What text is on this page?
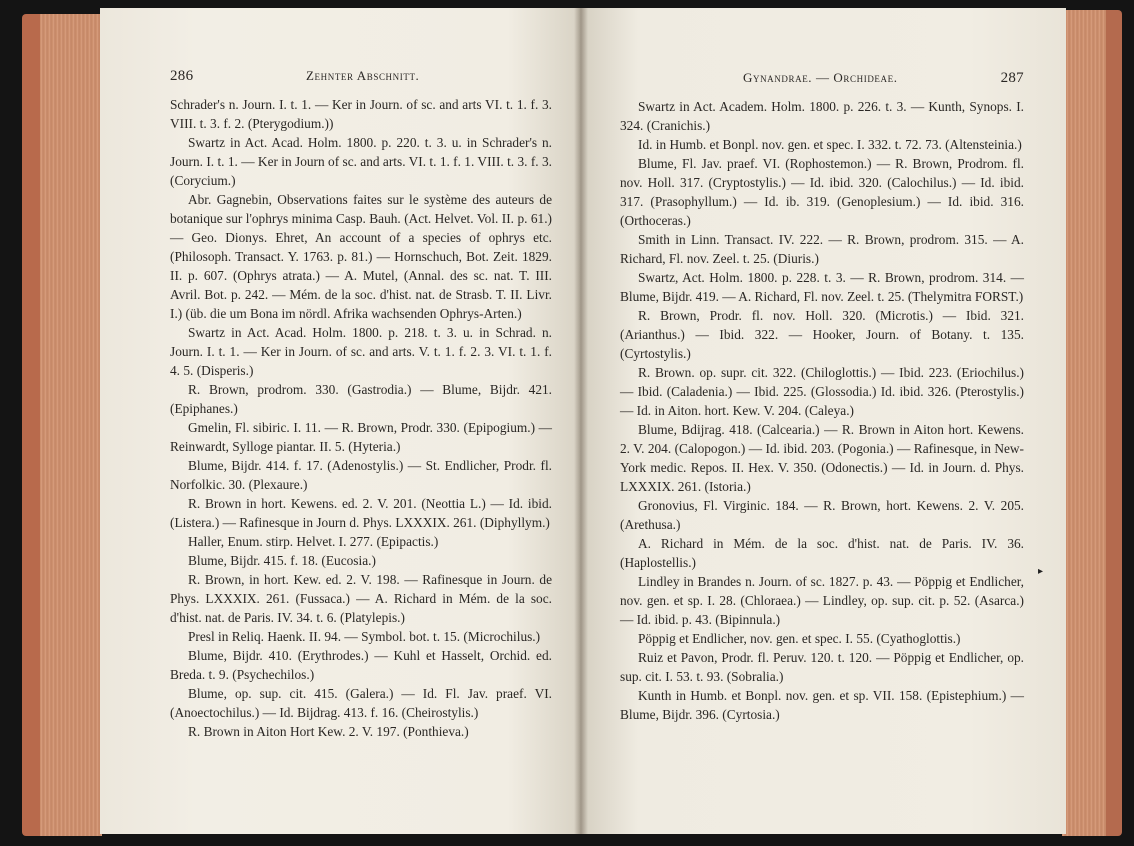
286	Zehnter Abschnitt.

Schrader's n. Journ. I. t. 1. — Ker in Journ. of sc. and arts VI. t. 1. f. 3. VIII. t. 3. f. 2. (Pterygodium.))

Swartz in Act. Acad. Holm. 1800. p. 220. t. 3. u. in Schrader's n. Journ. I. t. 1. — Ker in Journ of sc. and arts. VI. t. 1. f. 1. VIII. t. 3. f. 3. (Corycium.)

Abr. Gagnebin, Observations faites sur le système des auteurs de botanique sur l'ophrys minima Casp. Bauh. (Act. Helvet. Vol. II. p. 61.) — Geo. Dionys. Ehret, An account of a species of ophrys etc. (Philosoph. Transact. Y. 1763. p. 81.) — Hornschuch, Bot. Zeit. 1829. II. p. 607. (Ophrys atrata.) — A. Mutel, (Annal. des sc. nat. T. III. Avril. Bot. p. 242. — Mém. de la soc. d'hist. nat. de Strasb. T. II. Livr. I.) (üb. die um Bona im nördl. Afrika wachsenden Ophrys-Arten.)

Swartz in Act. Acad. Holm. 1800. p. 218. t. 3. u. in Schrad. n. Journ. I. t. 1. — Ker in Journ. of sc. and arts. V. t. 1. f. 2. 3. VI. t. 1. f. 4. 5. (Disperis.)

R. Brown, prodrom. 330. (Gastrodia.) — Blume, Bijdr. 421. (Epiphanes.)

Gmelin, Fl. sibiric. I. 11. — R. Brown, Prodr. 330. (Epipogium.) — Reinwardt, Sylloge piantar. II. 5. (Hyteria.)

Blume, Bijdr. 414. f. 17. (Adenostylis.) — St. Endlicher, Prodr. fl. Norfolkic. 30. (Plexaure.)

R. Brown in hort. Kewens. ed. 2. V. 201. (Neottia L.) — Id. ibid. (Listera.) — Rafinesque in Journ d. Phys. LXXXIX. 261. (Diphyllym.)

Haller, Enum. stirp. Helvet. I. 277. (Epipactis.)

Blume, Bijdr. 415. f. 18. (Eucosia.)

R. Brown, in hort. Kew. ed. 2. V. 198. — Rafinesque in Journ. de Phys. LXXXIX. 261. (Fussaca.) — A. Richard in Mém. de la soc. d'hist. nat. de Paris. IV. 34. t. 6. (Platylepis.)

Presl in Reliq. Haenk. II. 94. — Symbol. bot. t. 15. (Microchilus.)

Blume, Bijdr. 410. (Erythrodes.) — Kuhl et Hasselt, Orchid. ed. Breda. t. 9. (Psychechilos.)

Blume, op. sup. cit. 415. (Galera.) — Id. Fl. Jav. praef. VI. (Anoectochilus.) — Id. Bijdrag. 413. f. 16. (Cheirostylis.)

R. Brown in Aiton Hort Kew. 2. V. 197. (Ponthieva.)

Gynandrae. — Orchideae.	287

Swartz in Act. Academ. Holm. 1800. p. 226. t. 3. — Kunth, Synops. I. 324. (Cranichis.)

Id. in Humb. et Bonpl. nov. gen. et spec. I. 332. t. 72. 73. (Altensteinia.)

Blume, Fl. Jav. praef. VI. (Rophostemon.) — R. Brown, Prodrom. fl. nov. Holl. 317. (Cryptostylis.) — Id. ibid. 320. (Calochilus.) — Id. ibid. 317. (Prasophyllum.) — Id. ib. 319. (Genoplesium.) — Id. ibid. 316. (Orthoceras.)

Smith in Linn. Transact. IV. 222. — R. Brown, prodrom. 315. — A. Richard, Fl. nov. Zeel. t. 25. (Diuris.)

Swartz, Act. Holm. 1800. p. 228. t. 3. — R. Brown, prodrom. 314. — Blume, Bijdr. 419. — A. Richard, Fl. nov. Zeel. t. 25. (Thelymitra FORST.)

R. Brown, Prodr. fl. nov. Holl. 320. (Microtis.) — Ibid. 321. (Arianthus.) — Ibid. 322. — Hooker, Journ. of Botany. t. 135. (Cyrtostylis.)

R. Brown. op. supr. cit. 322. (Chiloglottis.) — Ibid. 223. (Eriochilus.) — Ibid. (Caladenia.) — Ibid. 225. (Glossodia.) Id. ibid. 326. (Pterostylis.) — Id. in Aiton. hort. Kew. V. 204. (Caleya.)

Blume, Bdijrag. 418. (Calcearia.) — R. Brown in Aiton hort. Kewens. 2. V. 204. (Calopogon.) — Id. ibid. 203. (Pogonia.) — Rafinesque, in New-York medic. Repos. II. Hex. V. 350. (Odonectis.) — Id. in Journ. d. Phys. LXXXIX. 261. (Istoria.)

Gronovius, Fl. Virginic. 184. — R. Brown, hort. Kewens. 2. V. 205. (Arethusa.)

A. Richard in Mém. de la soc. d'hist. nat. de Paris. IV. 36. (Haplostellis.)

Lindley in Brandes n. Journ. of sc. 1827. p. 43. — Pöppig et Endlicher, nov. gen. et sp. I. 28. (Chloraea.) — Lindley, op. sup. cit. p. 52. (Asarca.) — Id. ibid. p. 43. (Bipinnula.)

Pöppig et Endlicher, nov. gen. et spec. I. 55. (Cyathoglottis.)

Ruiz et Pavon, Prodr. fl. Peruv. 120. t. 120. — Pöppig et Endlicher, op. sup. cit. I. 53. t. 93. (Sobralia.)

Kunth in Humb. et Bonpl. nov. gen. et sp. VII. 158. (Epistephium.) — Blume, Bijdr. 396. (Cyrtosia.)

▸
